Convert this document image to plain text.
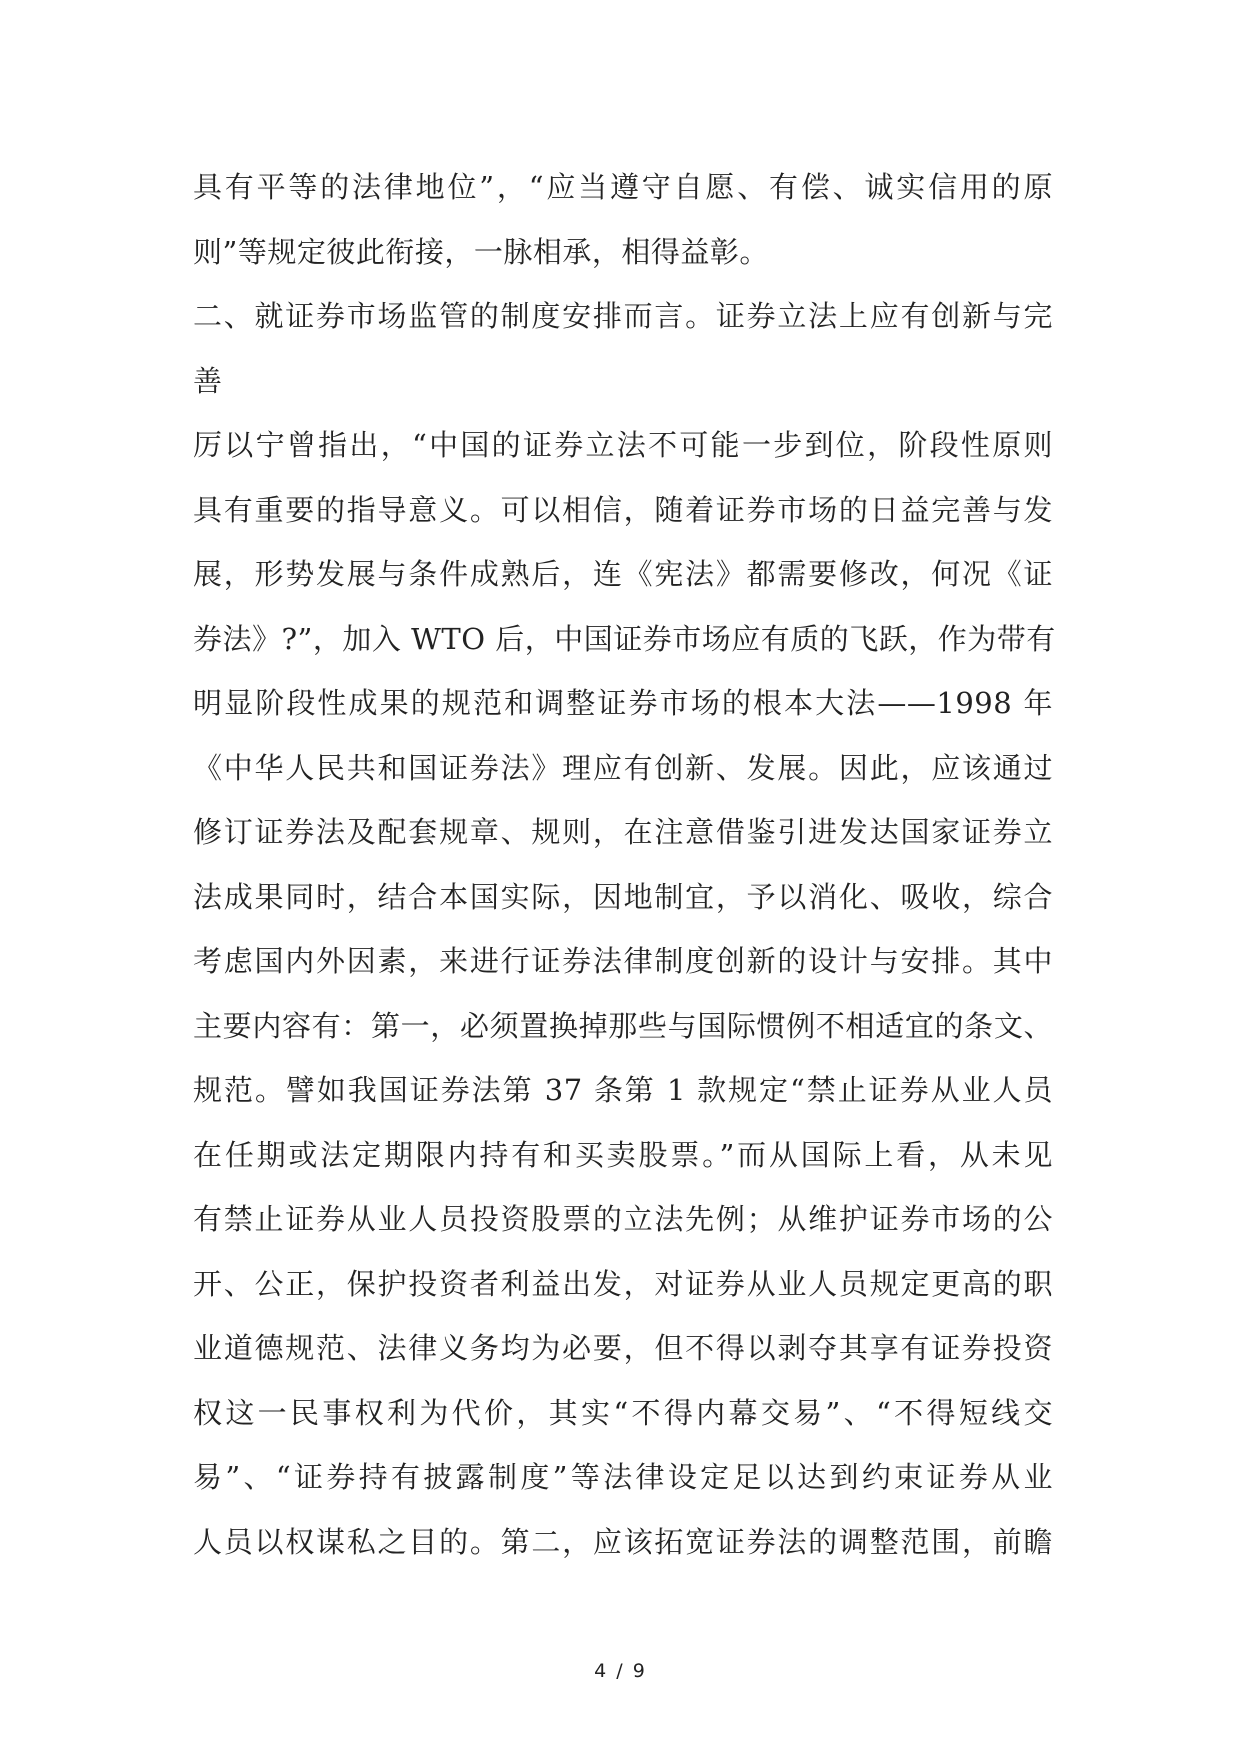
具有平等的法律地位”，“应当遵守自愿、有偿、诚实信用的原
则”等规定彼此衔接，一脉相承，相得益彰。
二、就证券市场监管的制度安排而言。证券立法上应有创新与完
善
厉以宁曾指出，“中国的证券立法不可能一步到位，阶段性原则
具有重要的指导意义。可以相信，随着证券市场的日益完善与发
展，形势发展与条件成熟后，连《宪法》都需要修改，何况《证
券法》?”，加入 WTO 后，中国证券市场应有质的飞跃，作为带有
明显阶段性成果的规范和调整证券市场的根本大法——1998 年
《中华人民共和国证券法》理应有创新、发展。因此，应该通过
修订证券法及配套规章、规则，在注意借鉴引进发达国家证券立
法成果同时，结合本国实际，因地制宜，予以消化、吸收，综合
考虑国内外因素，来进行证券法律制度创新的设计与安排。其中
主要内容有：第一，必须置换掉那些与国际惯例不相适宜的条文、
规范。譬如我国证券法第 37 条第 1 款规定“禁止证券从业人员
在任期或法定期限内持有和买卖股票。”而从国际上看，从未见
有禁止证券从业人员投资股票的立法先例；从维护证券市场的公
开、公正，保护投资者利益出发，对证券从业人员规定更高的职
业道德规范、法律义务均为必要，但不得以剥夺其享有证券投资
权这一民事权利为代价，其实“不得内幕交易”、“不得短线交
易”、“证券持有披露制度”等法律设定足以达到约束证券从业
人员以权谋私之目的。第二，应该拓宽证券法的调整范围，前瞻
4 / 9
